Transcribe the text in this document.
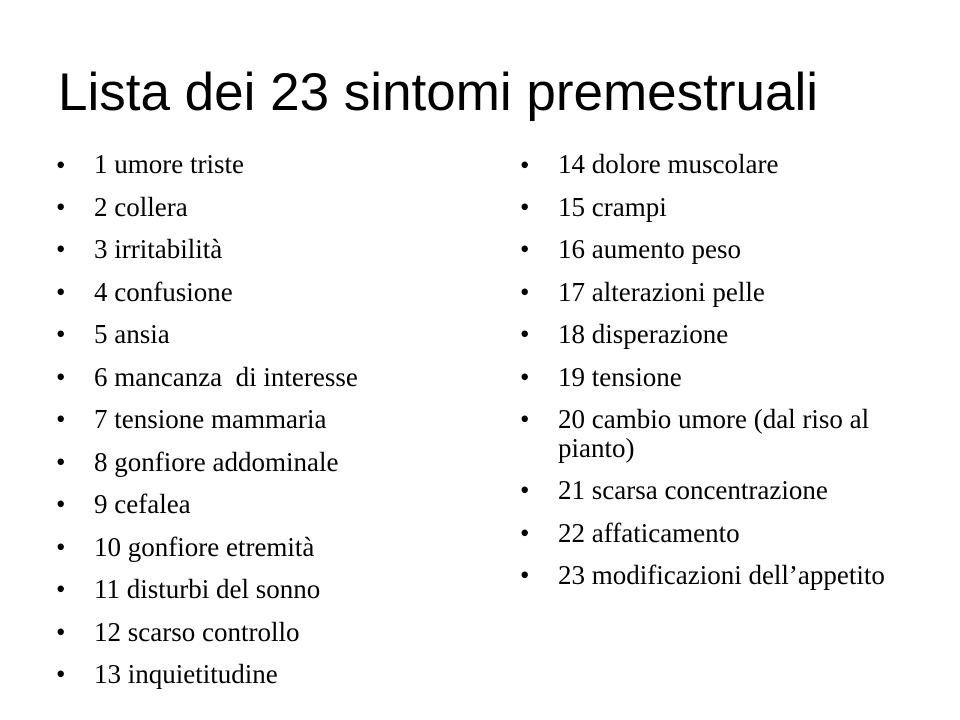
Lista dei 23 sintomi premestruali
•	1 umore triste
•	2 collera
•	3 irritabilità
•	4 confusione
•	5 ansia
•	6 mancanza  di interesse
•	7 tensione mammaria
•	8 gonfiore addominale
•	9 cefalea
•	10 gonfiore etremità
•	11 disturbi del sonno
•	12 scarso controllo
•	13 inquietitudine
•	14 dolore muscolare
•	15 crampi
•	16 aumento peso
•	17 alterazioni pelle
•	18 disperazione
•	19 tensione
•	20 cambio umore (dal riso al pianto)
•	21 scarsa concentrazione
•	22 affaticamento
•	23 modificazioni dell’appetito
